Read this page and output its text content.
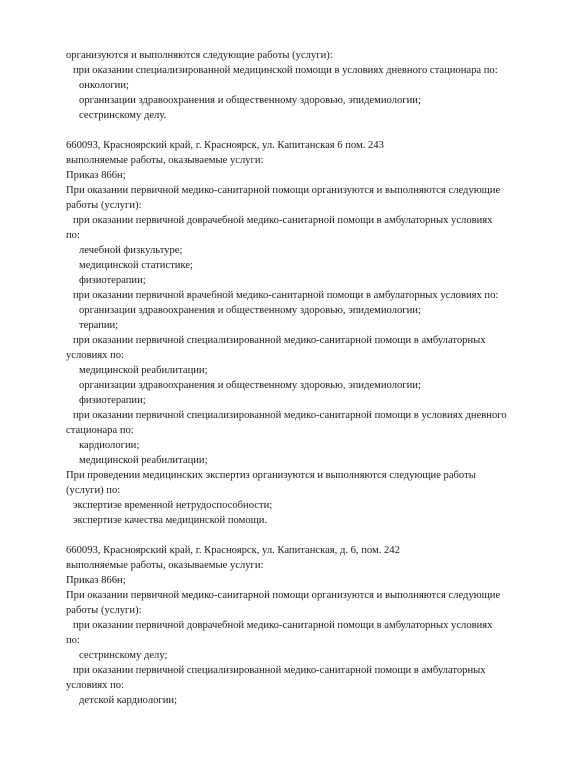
организуются и выполняются следующие работы (услуги):
при оказании специализированной медицинской помощи в условиях дневного стационара по:
онкологии;
организации здравоохранения и общественному здоровью, эпидемиологии;
сестринскому делу.
660093, Красноярский край, г. Красноярск, ул. Капитанская 6 пом. 243
выполняемые работы, оказываемые услуги:
Приказ 866н;
При оказании первичной медико-санитарной помощи организуются и выполняются следующие
работы (услуги):
при оказании первичной доврачебной медико-санитарной помощи в амбулаторных условиях
по:
лечебной физкультуре;
медицинской статистике;
физиотерапии;
при оказании первичной врачебной медико-санитарной помощи в амбулаторных условиях по:
организации здравоохранения и общественному здоровью, эпидемиологии;
терапии;
при оказании первичной специализированной медико-санитарной помощи в амбулаторных
условиях по:
медицинской реабилитации;
организации здравоохранения и общественному здоровью, эпидемиологии;
физиотерапии;
при оказании первичной специализированной медико-санитарной помощи в условиях дневного
стационара по:
кардиологии;
медицинской реабилитации;
При проведении медицинских экспертиз организуются и выполняются следующие работы
(услуги) по:
экспертизе временной нетрудоспособности;
экспертизе качества медицинской помощи.
660093, Красноярский край, г. Красноярск, ул. Капитанская, д. 6, пом. 242
выполняемые работы, оказываемые услуги:
Приказ 866н;
При оказании первичной медико-санитарной помощи организуются и выполняются следующие
работы (услуги):
при оказании первичной доврачебной медико-санитарной помощи в амбулаторных условиях
по:
сестринскому делу;
при оказании первичной специализированной медико-санитарной помощи в амбулаторных
условиях по:
детской кардиологии;
